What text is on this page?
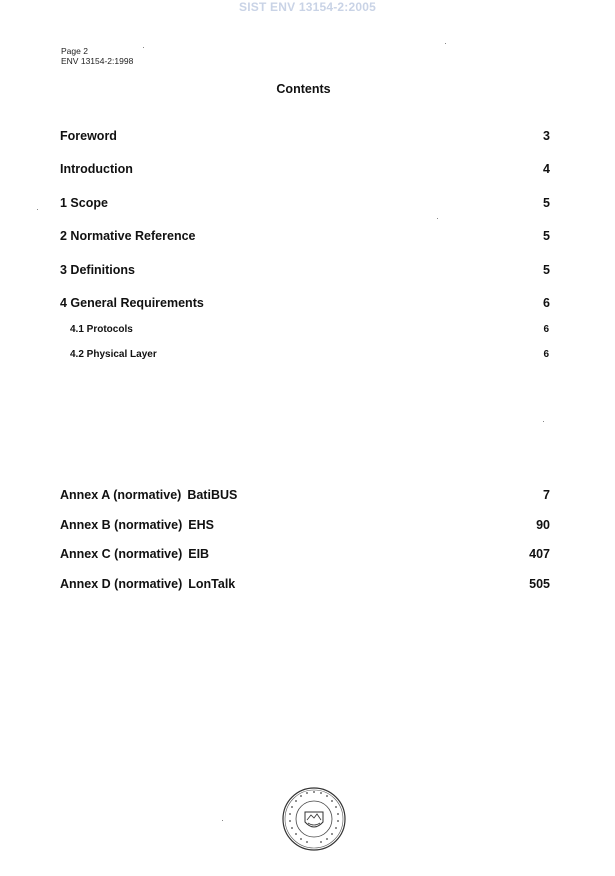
SIST ENV 13154-2:2005
Page 2
ENV 13154-2:1998
Contents
Foreword	3
Introduction	4
1 Scope	5
2 Normative Reference	5
3 Definitions	5
4 General Requirements	6
4.1 Protocols	6
4.2 Physical Layer	6
Annex A (normative) BatiBUS	7
Annex B (normative) EHS	90
Annex C (normative) EIB	407
Annex D (normative) LonTalk	505
